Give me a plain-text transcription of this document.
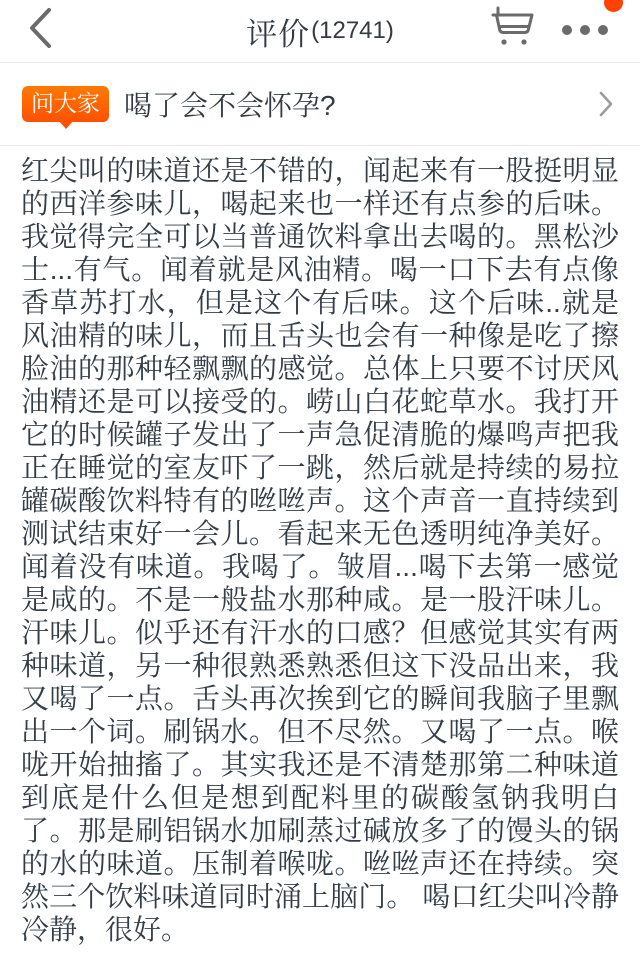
评价 (12741)
问大家 喝了会不会怀孕?
红尖叫的味道还是不错的，闻起来有一股挺明显的西洋参味儿，喝起来也一样还有点参的后味。我觉得完全可以当普通饮料拿出去喝的。黑松沙士...有气。闻着就是风油精。喝一口下去有点像香草苏打水，但是这个有后味。这个后味..就是风油精的味儿，而且舌头也会有一种像是吃了擦脸油的那种轻飘飘的感觉。总体上只要不讨厌风油精还是可以接受的。崂山白花蛇草水。我打开它的时候罐子发出了一声急促清脆的爆鸣声把我正在睡觉的室友吓了一跳，然后就是持续的易拉罐碳酸饮料特有的咝咝声。这个声音一直持续到测试结束好一会儿。看起来无色透明纯净美好。闻着没有味道。我喝了。皱眉...喝下去第一感觉是咸的。不是一般盐水那种咸。是一股汗味儿。汗味儿。似乎还有汗水的口感？但感觉其实有两种味道，另一种很熟悉熟悉但这下没品出来，我又喝了一点。舌头再次挨到它的瞬间我脑子里飘出一个词。刷锅水。但不尽然。又喝了一点。喉咙开始抽搐了。其实我还是不清楚那第二种味道到底是什么但是想到配料里的碳酸氢钠我明白了。那是刷铝锅水加刷蒸过碱放多了的馒头的锅的水的味道。压制着喉咙。咝咝声还在持续。突然三个饮料味道同时涌上脑门。 喝口红尖叫冷静冷静，很好。
